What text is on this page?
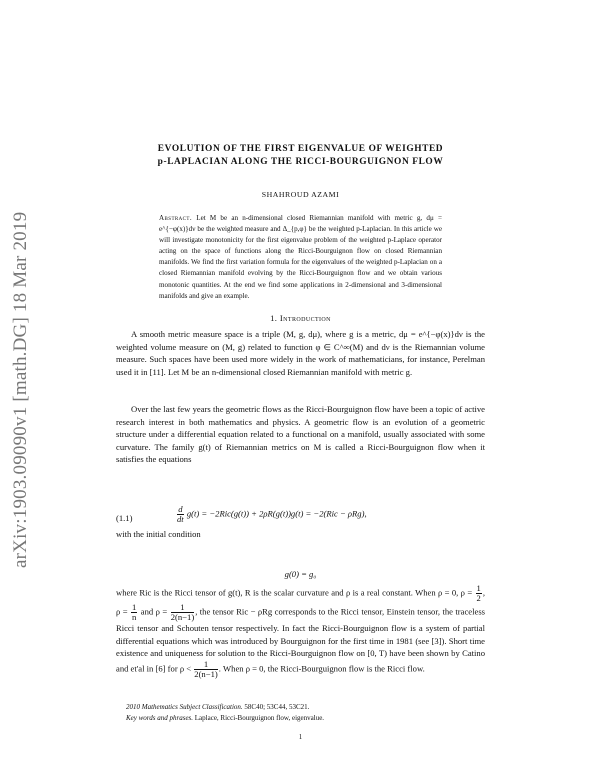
arXiv:1903.09090v1 [math.DG] 18 Mar 2019
EVOLUTION OF THE FIRST EIGENVALUE OF WEIGHTED
p-LAPLACIAN ALONG THE RICCI-BOURGUIGNON FLOW
SHAHROUD AZAMI
Abstract. Let M be an n-dimensional closed Riemannian manifold with metric g, dμ = e^{−φ(x)}dν be the weighted measure and Δ_{p,φ} be the weighted p-Laplacian. In this article we will investigate monotonicity for the first eigenvalue problem of the weighted p-Laplace operator acting on the space of functions along the Ricci-Bourguignon flow on closed Riemannian manifolds. We find the first variation formula for the eigenvalues of the weighted p-Laplacian on a closed Riemannian manifold evolving by the Ricci-Bourguignon flow and we obtain various monotonic quantities. At the end we find some applications in 2-dimensional and 3-dimensional manifolds and give an example.
1. Introduction

A smooth metric measure space is a triple (M, g, dμ), where g is a metric, dμ = e^{−φ(x)}dν is the weighted volume measure on (M, g) related to function φ ∈ C^∞(M) and dν is the Riemannian volume measure. Such spaces have been used more widely in the work of mathematicians, for instance, Perelman used it in [11]. Let M be an n-dimensional closed Riemannian manifold with metric g.

Over the last few years the geometric flows as the Ricci-Bourguignon flow have been a topic of active research interest in both mathematics and physics. A geometric flow is an evolution of a geometric structure under a differential equation related to a functional on a manifold, usually associated with some curvature. The family g(t) of Riemannian metrics on M is called a Ricci-Bourguignon flow when it satisfies the equations

(1.1)	$\frac{d}{dt} g(t) = -2Ric(g(t)) + 2\rho R(g(t))g(t) = -2(Ric - \rho Rg)$,

with the initial condition

g(0) = g₀

where Ric is the Ricci tensor of g(t), R is the scalar curvature and ρ is a real constant. When ρ = 0, $\rho = \frac{1}{2}$ , $\rho = \frac{1}{n}$ and $\rho = \frac{1}{2(n-1)}$ , the tensor Ric − ρRg corresponds to the Ricci tensor, Einstein tensor, the traceless Ricci tensor and Schouten tensor respectively. In fact the Ricci-Bourguignon flow is a system of partial differential equations which was introduced by Bourguignon for the first time in 1981 (see [3]). Short time existence and uniqueness for solution to the Ricci-Bourguignon flow on [0, T) have been shown by Catino and et'al in [6] for $\rho < \frac{1}{2(n-1)}$ . When ρ = 0, the Ricci-Bourguignon flow is the Ricci flow.

2010 Mathematics Subject Classification. 58C40; 53C44, 53C21.
Key words and phrases. Laplace, Ricci-Bourguignon flow, eigenvalue.
1
